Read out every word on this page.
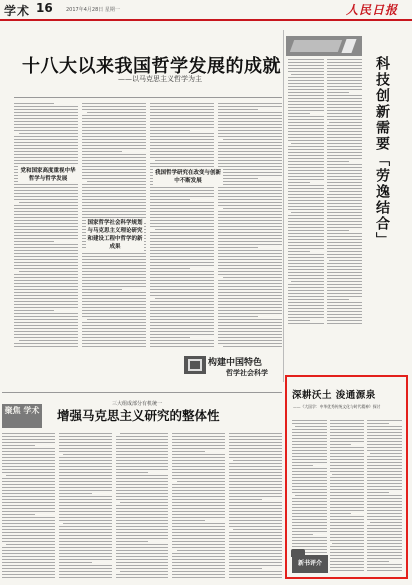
学术 16	2017年4月28日 星期一	人民日报
十八大以来我国哲学发展的成就
——以马克思主义哲学为主
党和国家高度重视中华哲学与哲学发展
国家哲学社会科学规划与马克思主义理论研究和建设工程中哲学的新成果
我国哲学研究在改变与创新中不断发展
构建中国特色
哲学社会科学
科技创新需要「劳逸结合」
聚焦 学术
三大组成部分有机统一
增强马克思主义研究的整体性
深耕沃土 浚通源泉
——《大国学：中华优秀传统文化与时代精神》探讨
新书评介
